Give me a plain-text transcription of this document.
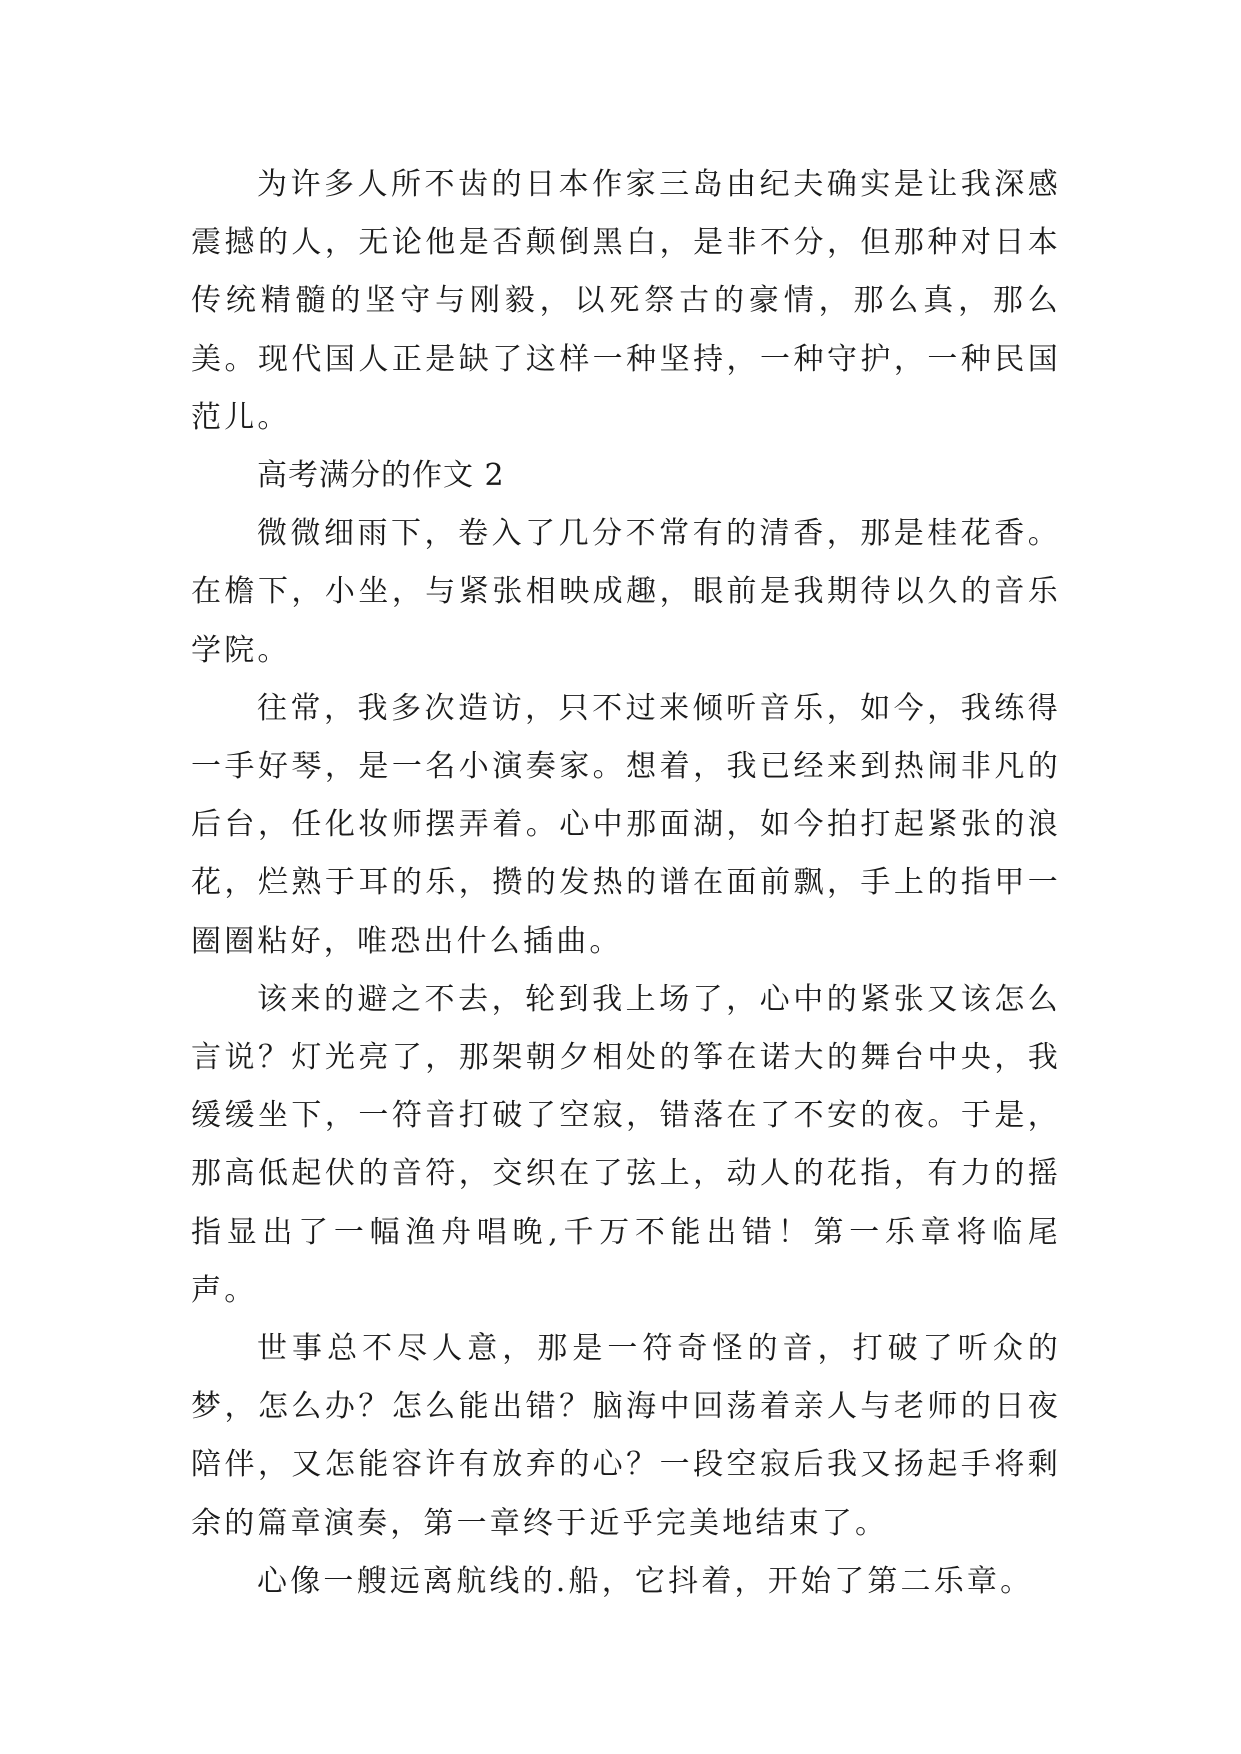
为许多人所不齿的日本作家三岛由纪夫确实是让我深感震撼的人，无论他是否颠倒黑白，是非不分，但那种对日本传统精髓的坚守与刚毅，以死祭古的豪情，那么真，那么美。现代国人正是缺了这样一种坚持，一种守护，一种民国范儿。

高考满分的作文 2

微微细雨下，卷入了几分不常有的清香，那是桂花香。在檐下，小坐，与紧张相映成趣，眼前是我期待以久的音乐学院。

往常，我多次造访，只不过来倾听音乐，如今，我练得一手好琴，是一名小演奏家。想着，我已经来到热闹非凡的后台，任化妆师摆弄着。心中那面湖，如今拍打起紧张的浪花，烂熟于耳的乐，攒的发热的谱在面前飘，手上的指甲一圈圈粘好，唯恐出什么插曲。

该来的避之不去，轮到我上场了，心中的紧张又该怎么言说？灯光亮了，那架朝夕相处的筝在诺大的舞台中央，我缓缓坐下，一符音打破了空寂，错落在了不安的夜。于是，那高低起伏的音符，交织在了弦上，动人的花指，有力的摇指显出了一幅渔舟唱晚,千万不能出错！第一乐章将临尾声。

世事总不尽人意，那是一符奇怪的音，打破了听众的梦，怎么办？怎么能出错？脑海中回荡着亲人与老师的日夜陪伴，又怎能容许有放弃的心？一段空寂后我又扬起手将剩余的篇章演奏，第一章终于近乎完美地结束了。

心像一艘远离航线的.船，它抖着，开始了第二乐章。
